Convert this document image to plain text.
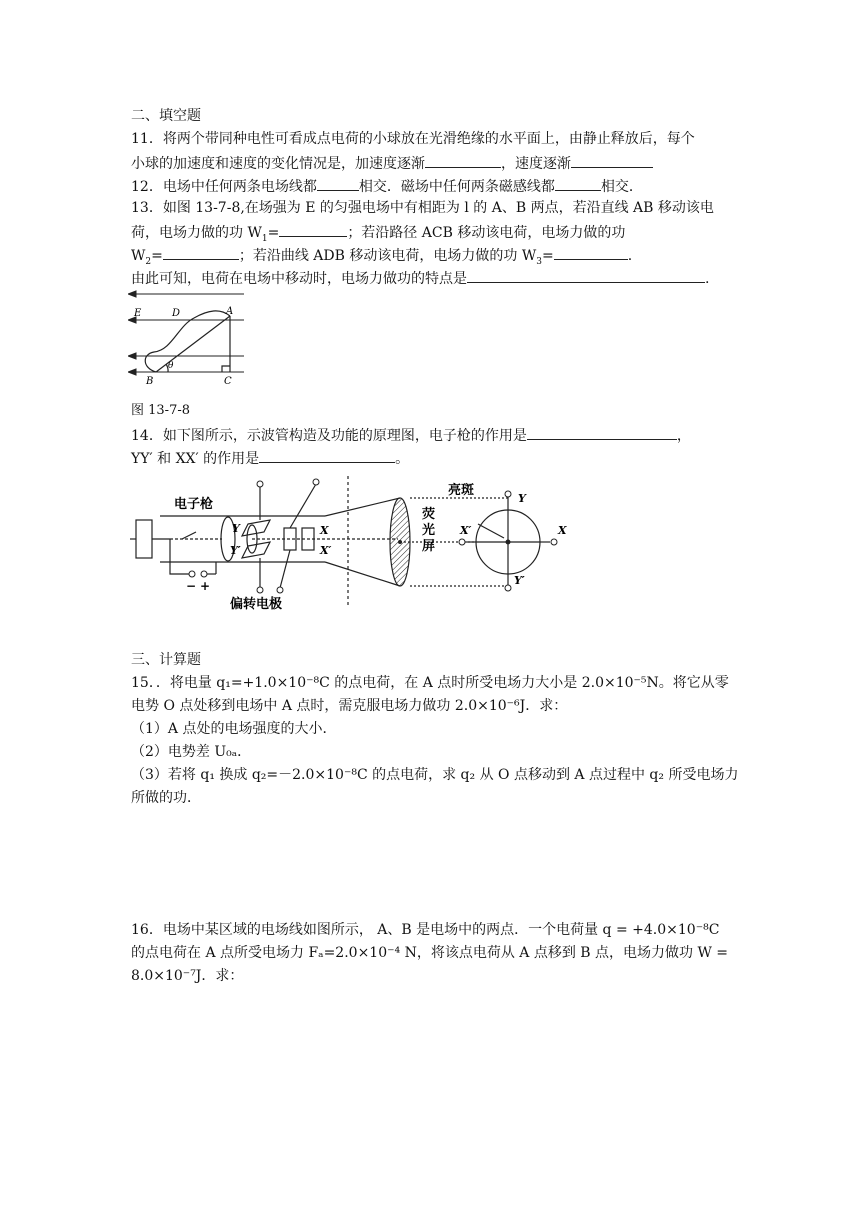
二、填空题
11．将两个带同种电性可看成点电荷的小球放在光滑绝缘的水平面上，由静止释放后，每个
小球的加速度和速度的变化情况是，加速度逐渐	，速度逐渐
12．电场中任何两条电场线都	相交．磁场中任何两条磁感线都	相交．
13．如图 13-7-8,在场强为 E 的匀强电场中有相距为 l 的 A、B 两点，若沿直线 AB 移动该电
荷，电场力做的功 $W_1=$	；若沿路径 ACB 移动该电荷，电场力做的功
$W_2=$	；若沿曲线 ADB 移动该电荷，电场力做的功 $W_3=$	.
由此可知，电荷在电场中移动时，电场力做功的特点是	.
E	D	A
B	C
θ
图 13-7-8
14．如下图所示，示波管构造及功能的原理图，电子枪的作用是	，
YY′ 和 XX′ 的作用是	。
电子枪
偏转电极
亮斑
荧
光
屏
Y
Y′
X
X′
Y
Y′
X
X′
− +
三、计算题
15．．将电量 q₁=+1.0×10⁻⁸C 的点电荷，在 A 点时所受电场力大小是 2.0×10⁻⁵N。将它从零
电势 O 点处移到电场中 A 点时，需克服电场力做功 2.0×10⁻⁶J．求：
（1）A 点处的电场强度的大小．
（2）电势差 U₀ₐ．
（3）若将 q₁ 换成 q₂=－2.0×10⁻⁸C 的点电荷，求 q₂ 从 O 点移动到 A 点过程中 q₂ 所受电场力
所做的功．
16．电场中某区域的电场线如图所示， A、B 是电场中的两点．一个电荷量 q = +4.0×10⁻⁸C
的点电荷在 A 点所受电场力 Fₐ=2.0×10⁻⁴ N，将该点电荷从 A 点移到 B 点，电场力做功 W =
8.0×10⁻⁷J．求：
